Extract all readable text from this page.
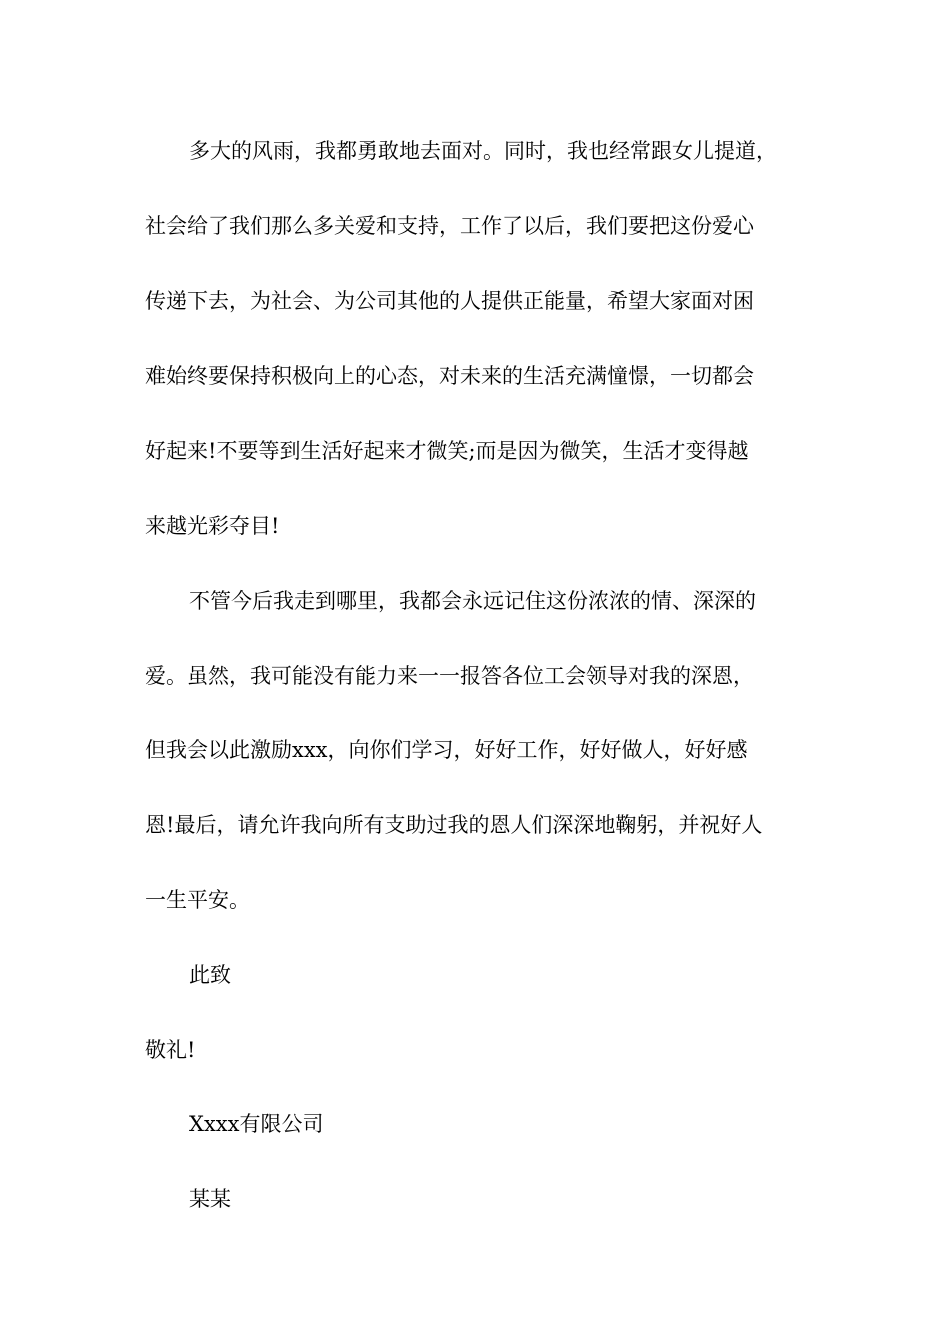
多大的风雨，我都勇敢地去面对。同时，我也经常跟女儿提道，

社会给了我们那么多关爱和支持，工作了以后，我们要把这份爱心

传递下去，为社会、为公司其他的人提供正能量，希望大家面对困

难始终要保持积极向上的心态，对未来的生活充满憧憬，一切都会

好起来!不要等到生活好起来才微笑;而是因为微笑，生活才变得越

来越光彩夺目!

不管今后我走到哪里，我都会永远记住这份浓浓的情、深深的

爱。虽然，我可能没有能力来一一报答各位工会领导对我的深恩，

但我会以此激励xxx，向你们学习，好好工作，好好做人，好好感

恩!最后，请允许我向所有支助过我的恩人们深深地鞠躬，并祝好人

一生平安。

此致

敬礼!

Xxxx有限公司

某某
